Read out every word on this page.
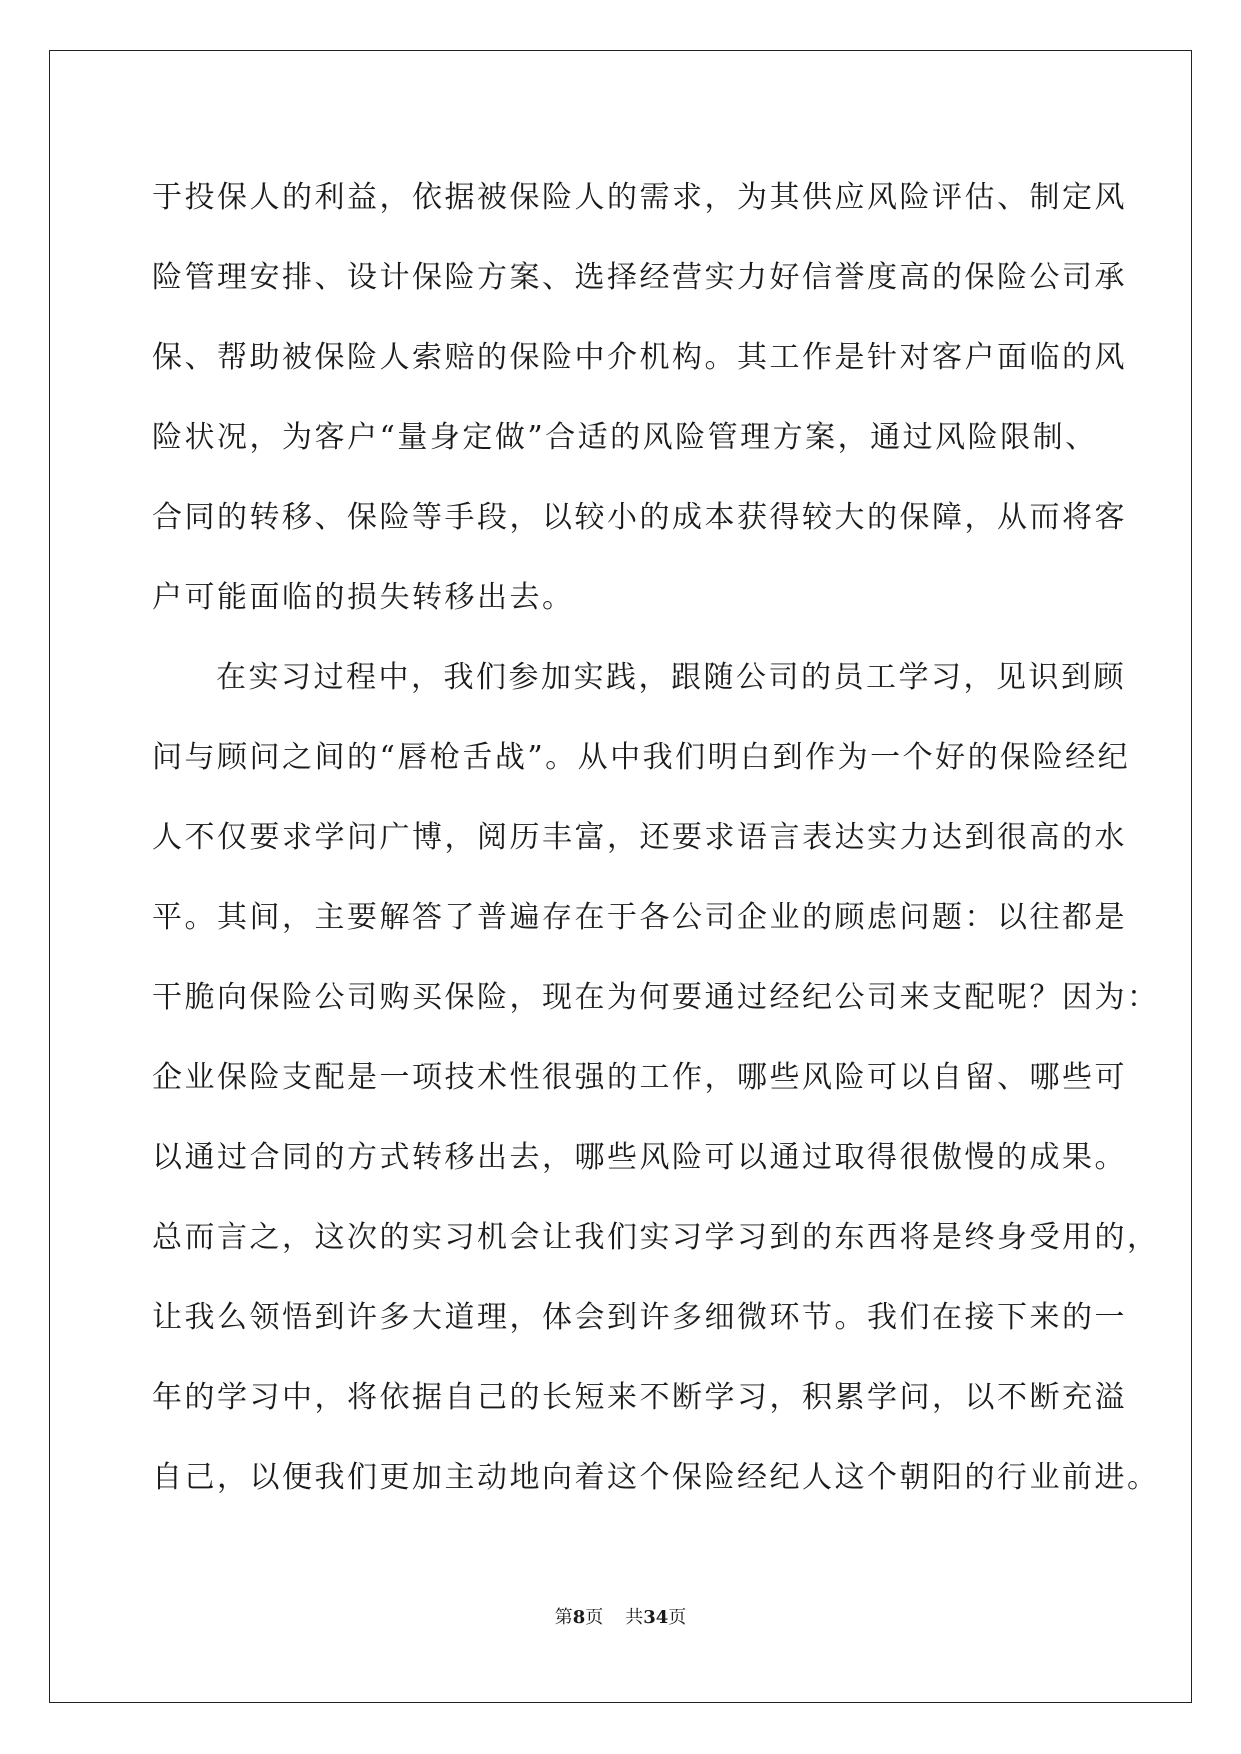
于投保人的利益，依据被保险人的需求，为其供应风险评估、制定风
险管理安排、设计保险方案、选择经营实力好信誉度高的保险公司承
保、帮助被保险人索赔的保险中介机构。其工作是针对客户面临的风
险状况，为客户“量身定做”合适的风险管理方案，通过风险限制、
合同的转移、保险等手段，以较小的成本获得较大的保障，从而将客
户可能面临的损失转移出去。
在实习过程中，我们参加实践，跟随公司的员工学习，见识到顾
问与顾问之间的“唇枪舌战”。从中我们明白到作为一个好的保险经纪
人不仅要求学问广博，阅历丰富，还要求语言表达实力达到很高的水
平。其间，主要解答了普遍存在于各公司企业的顾虑问题：以往都是
干脆向保险公司购买保险，现在为何要通过经纪公司来支配呢？因为：
企业保险支配是一项技术性很强的工作，哪些风险可以自留、哪些可
以通过合同的方式转移出去，哪些风险可以通过取得很傲慢的成果。
总而言之，这次的实习机会让我们实习学习到的东西将是终身受用的，
让我么领悟到许多大道理，体会到许多细微环节。我们在接下来的一
年的学习中，将依据自己的长短来不断学习，积累学问，以不断充溢
自己，以便我们更加主动地向着这个保险经纪人这个朝阳的行业前进。
第8页 共34页
